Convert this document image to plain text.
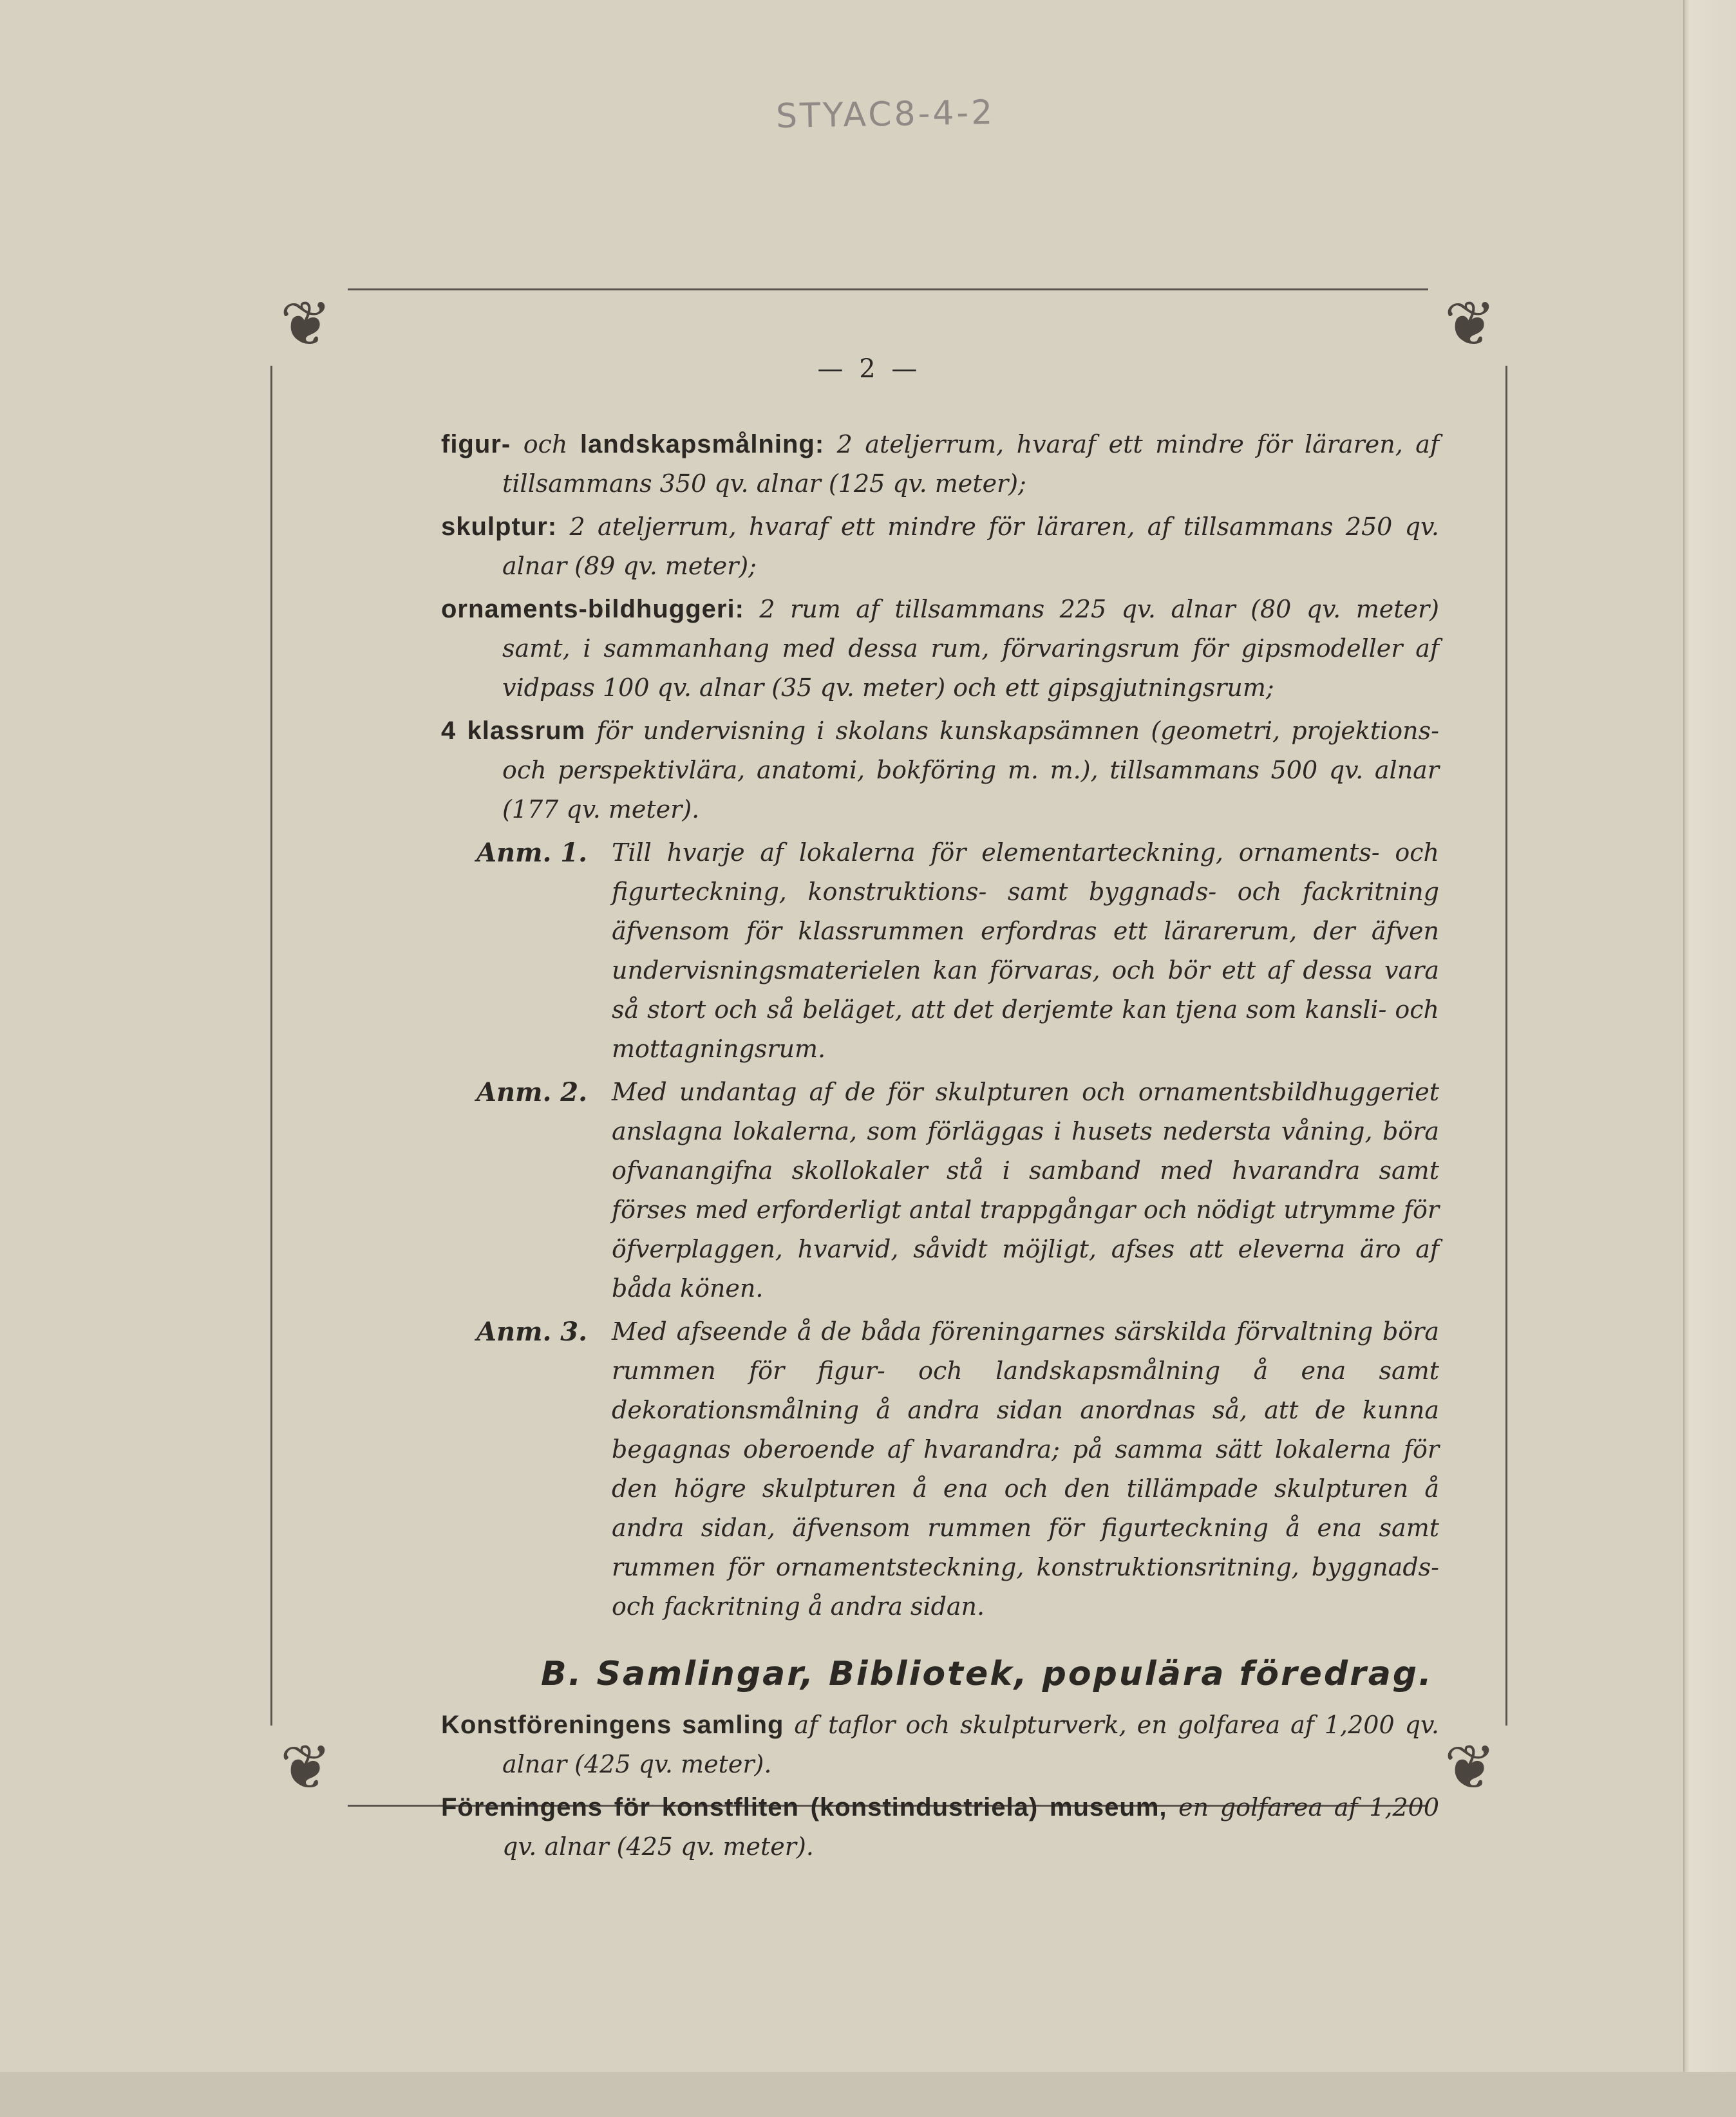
STYAC8-4-2
❦	❦
❦	❦
— 2 —

figur- och landskapsmålning: 2 ateljerrum, hvaraf ett mindre för läraren, af tillsammans 350 qv. alnar (125 qv. meter);

skulptur: 2 ateljerrum, hvaraf ett mindre för läraren, af tillsammans 250 qv. alnar (89 qv. meter);

ornaments-bildhuggeri: 2 rum af tillsammans 225 qv. alnar (80 qv. meter) samt, i sammanhang med dessa rum, förvaringsrum för gipsmodeller af vidpass 100 qv. alnar (35 qv. meter) och ett gipsgjutningsrum;

4 klassrum för undervisning i skolans kunskapsämnen (geometri, projektions- och perspektivlära, anatomi, bokföring m. m.), tillsammans 500 qv. alnar (177 qv. meter).

Anm. 1. Till hvarje af lokalerna för elementarteckning, ornaments- och figurteckning, konstruktions- samt byggnads- och fackritning äfvensom för klassrummen erfordras ett lärarerum, der äfven undervisningsmaterielen kan förvaras, och bör ett af dessa vara så stort och så beläget, att det derjemte kan tjena som kansli- och mottagningsrum.
Anm. 2. Med undantag af de för skulpturen och ornamentsbildhuggeriet anslagna lokalerna, som förläggas i husets nedersta våning, böra ofvanangifna skollokaler stå i samband med hvarandra samt förses med erforderligt antal trappgångar och nödigt utrymme för öfverplaggen, hvarvid, såvidt möjligt, afses att eleverna äro af båda könen.
Anm. 3. Med afseende å de båda föreningarnes särskilda förvaltning böra rummen för figur- och landskapsmålning å ena samt dekorationsmålning å andra sidan anordnas så, att de kunna begagnas oberoende af hvarandra; på samma sätt lokalerna för den högre skulpturen å ena och den tillämpade skulpturen å andra sidan, äfvensom rummen för figurteckning å ena samt rummen för ornamentsteckning, konstruktionsritning, byggnads- och fackritning å andra sidan.
B. Samlingar, Bibliotek, populära föredrag.

Konstföreningens samling af taflor och skulpturverk, en golfarea af 1,200 qv. alnar (425 qv. meter).

Föreningens för konstfliten (konstindustriela) museum, en golfarea af 1,200 qv. alnar (425 qv. meter).
